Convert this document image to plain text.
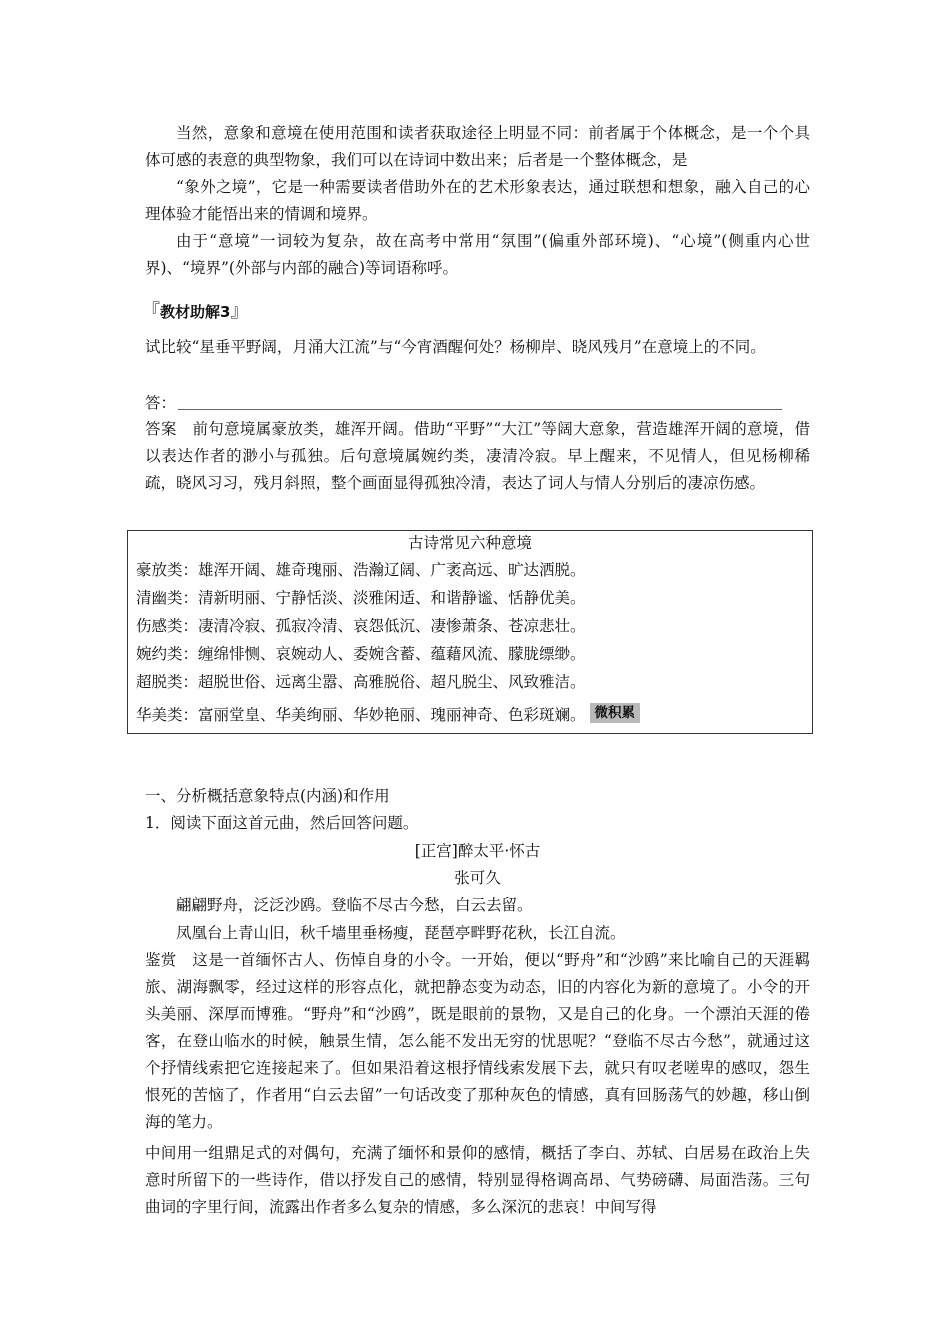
当然，意象和意境在使用范围和读者获取途径上明显不同：前者属于个体概念，是一个个具体可感的表意的典型物象，我们可以在诗词中数出来；后者是一个整体概念，是
“象外之境”，它是一种需要读者借助外在的艺术形象表达，通过联想和想象，融入自己的心理体验才能悟出来的情调和境界。
由于“意境”一词较为复杂，故在高考中常用“氛围”(偏重外部环境)、“心境”(侧重内心世界)、“境界”(外部与内部的融合)等词语称呼。
『教材助解3』
试比较“星垂平野阔，月涌大江流”与“今宵酒醒何处？杨柳岸、晓风残月”在意境上的不同。
答：
答案　前句意境属豪放类，雄浑开阔。借助“平野”“大江”等阔大意象，营造雄浑开阔的意境，借以表达作者的渺小与孤独。后句意境属婉约类，凄清冷寂。早上醒来，不见情人，但见杨柳稀疏，晓风习习，残月斜照，整个画面显得孤独冷清，表达了词人与情人分别后的凄凉伤感。
古诗常见六种意境
豪放类：雄浑开阔、雄奇瑰丽、浩瀚辽阔、广袤高远、旷达洒脱。
清幽类：清新明丽、宁静恬淡、淡雅闲适、和谐静谧、恬静优美。
伤感类：凄清冷寂、孤寂冷清、哀怨低沉、凄惨萧条、苍凉悲壮。
婉约类：缠绵悱恻、哀婉动人、委婉含蓄、蕴藉风流、朦胧缥缈。
超脱类：超脱世俗、远离尘嚣、高雅脱俗、超凡脱尘、风致雅洁。
华美类：富丽堂皇、华美绚丽、华妙艳丽、瑰丽神奇、色彩斑斓。 微积累
一、分析概括意象特点(内涵)和作用
1．阅读下面这首元曲，然后回答问题。
[正宫]醉太平·怀古
张可久
翩翩野舟，泛泛沙鸥。登临不尽古今愁，白云去留。
凤凰台上青山旧，秋千墙里垂杨瘦，琵琶亭畔野花秋，长江自流。
鉴赏　这是一首缅怀古人、伤悼自身的小令。一开始，便以“野舟”和“沙鸥”来比喻自己的天涯羁旅、湖海飘零，经过这样的形容点化，就把静态变为动态，旧的内容化为新的意境了。小令的开头美丽、深厚而博雅。“野舟”和“沙鸥”，既是眼前的景物，又是自己的化身。一个漂泊天涯的倦客，在登山临水的时候，触景生情，怎么能不发出无穷的忧思呢？“登临不尽古今愁”，就通过这个抒情线索把它连接起来了。但如果沿着这根抒情线索发展下去，就只有叹老嗟卑的感叹，怨生恨死的苦恼了，作者用“白云去留”一句话改变了那种灰色的情感，真有回肠荡气的妙趣，移山倒海的笔力。
中间用一组鼎足式的对偶句，充满了缅怀和景仰的感情，概括了李白、苏轼、白居易在政治上失意时所留下的一些诗作，借以抒发自己的感情，特别显得格调高昂、气势磅礴、局面浩荡。三句曲词的字里行间，流露出作者多么复杂的情感，多么深沉的悲哀！中间写得
